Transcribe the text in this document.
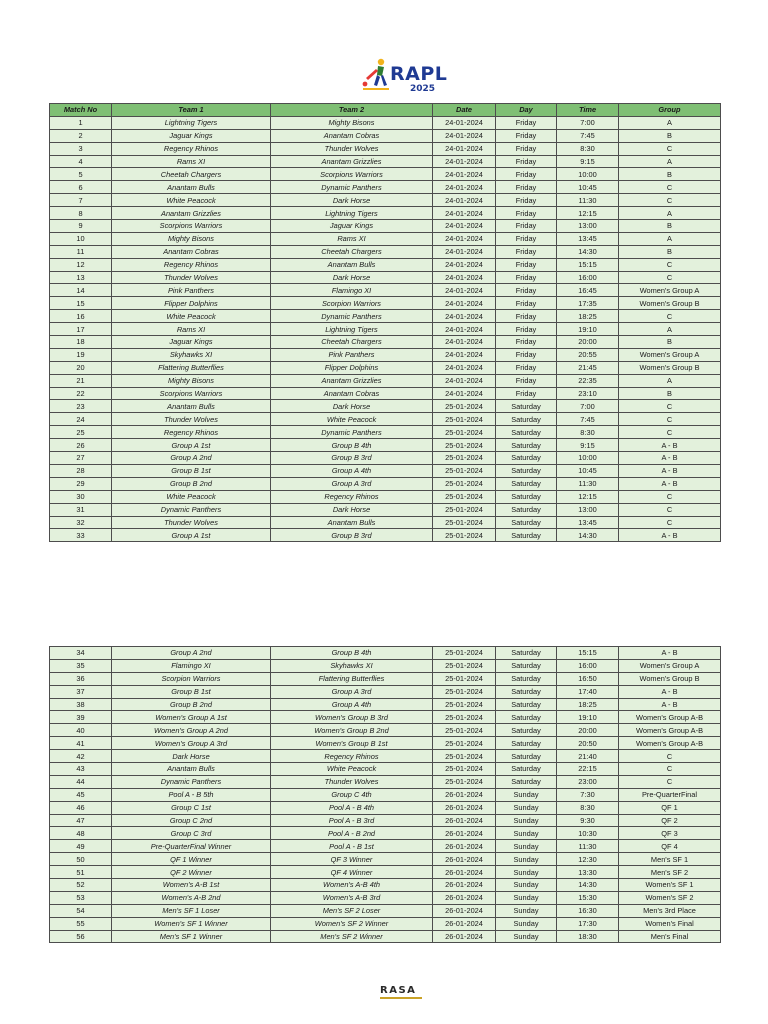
RAPL
2025
Match No	Team 1	Team 2	Date	Day	Time	Group
1	Lightning Tigers	Mighty Bisons	24-01-2024	Friday	7:00	A
2	Jaguar Kings	Anantam Cobras	24-01-2024	Friday	7:45	B
3	Regency Rhinos	Thunder Wolves	24-01-2024	Friday	8:30	C
4	Rams XI	Anantam Grizzlies	24-01-2024	Friday	9:15	A
5	Cheetah Chargers	Scorpions Warriors	24-01-2024	Friday	10:00	B
6	Anantam Bulls	Dynamic Panthers	24-01-2024	Friday	10:45	C
7	White Peacock	Dark Horse	24-01-2024	Friday	11:30	C
8	Anantam Grizzlies	Lightning Tigers	24-01-2024	Friday	12:15	A
9	Scorpions Warriors	Jaguar Kings	24-01-2024	Friday	13:00	B
10	Mighty Bisons	Rams XI	24-01-2024	Friday	13:45	A
11	Anantam Cobras	Cheetah Chargers	24-01-2024	Friday	14:30	B
12	Regency Rhinos	Anantam Bulls	24-01-2024	Friday	15:15	C
13	Thunder Wolves	Dark Horse	24-01-2024	Friday	16:00	C
14	Pink Panthers	Flamingo XI	24-01-2024	Friday	16:45	Women's Group A
15	Flipper Dolphins	Scorpion Warriors	24-01-2024	Friday	17:35	Women's Group B
16	White Peacock	Dynamic Panthers	24-01-2024	Friday	18:25	C
17	Rams XI	Lightning Tigers	24-01-2024	Friday	19:10	A
18	Jaguar Kings	Cheetah Chargers	24-01-2024	Friday	20:00	B
19	Skyhawks XI	Pink Panthers	24-01-2024	Friday	20:55	Women's Group A
20	Flattering Butterflies	Flipper Dolphins	24-01-2024	Friday	21:45	Women's Group B
21	Mighty Bisons	Anantam Grizzlies	24-01-2024	Friday	22:35	A
22	Scorpions Warriors	Anantam Cobras	24-01-2024	Friday	23:10	B
23	Anantam Bulls	Dark Horse	25-01-2024	Saturday	7:00	C
24	Thunder Wolves	White Peacock	25-01-2024	Saturday	7:45	C
25	Regency Rhinos	Dynamic Panthers	25-01-2024	Saturday	8:30	C
26	Group A 1st	Group B 4th	25-01-2024	Saturday	9:15	A - B
27	Group A 2nd	Group B 3rd	25-01-2024	Saturday	10:00	A - B
28	Group B 1st	Group A 4th	25-01-2024	Saturday	10:45	A - B
29	Group B 2nd	Group A 3rd	25-01-2024	Saturday	11:30	A - B
30	White Peacock	Regency Rhinos	25-01-2024	Saturday	12:15	C
31	Dynamic Panthers	Dark Horse	25-01-2024	Saturday	13:00	C
32	Thunder Wolves	Anantam Bulls	25-01-2024	Saturday	13:45	C
33	Group A 1st	Group B 3rd	25-01-2024	Saturday	14:30	A - B
34	Group A 2nd	Group B 4th	25-01-2024	Saturday	15:15	A - B
35	Flamingo XI	Skyhawks XI	25-01-2024	Saturday	16:00	Women's Group A
36	Scorpion Warriors	Flattering Butterflies	25-01-2024	Saturday	16:50	Women's Group B
37	Group B 1st	Group A 3rd	25-01-2024	Saturday	17:40	A - B
38	Group B 2nd	Group A 4th	25-01-2024	Saturday	18:25	A - B
39	Women's Group A 1st	Women's Group B 3rd	25-01-2024	Saturday	19:10	Women's Group A-B
40	Women's Group A 2nd	Women's Group B 2nd	25-01-2024	Saturday	20:00	Women's Group A-B
41	Women's Group A 3rd	Women's Group B 1st	25-01-2024	Saturday	20:50	Women's Group A-B
42	Dark Horse	Regency Rhinos	25-01-2024	Saturday	21:40	C
43	Anantam Bulls	White Peacock	25-01-2024	Saturday	22:15	C
44	Dynamic Panthers	Thunder Wolves	25-01-2024	Saturday	23:00	C
45	Pool A - B 5th	Group C 4th	26-01-2024	Sunday	7:30	Pre-QuarterFinal
46	Group C 1st	Pool A - B 4th	26-01-2024	Sunday	8:30	QF 1
47	Group C 2nd	Pool A - B 3rd	26-01-2024	Sunday	9:30	QF 2
48	Group C 3rd	Pool A - B 2nd	26-01-2024	Sunday	10:30	QF 3
49	Pre-QuarterFinal Winner	Pool A - B 1st	26-01-2024	Sunday	11:30	QF 4
50	QF 1 Winner	QF 3 Winner	26-01-2024	Sunday	12:30	Men's SF 1
51	QF 2 Winner	QF 4 Winner	26-01-2024	Sunday	13:30	Men's SF 2
52	Women's A-B 1st	Women's A-B 4th	26-01-2024	Sunday	14:30	Women's SF 1
53	Women's A-B 2nd	Women's A-B 3rd	26-01-2024	Sunday	15:30	Women's SF 2
54	Men's SF 1 Loser	Men's SF 2 Loser	26-01-2024	Sunday	16:30	Men's 3rd Place
55	Women's SF 1 Winner	Women's SF 2 Winner	26-01-2024	Sunday	17:30	Women's Final
56	Men's SF 1 Winner	Men's SF 2 Winner	26-01-2024	Sunday	18:30	Men's Final
RASA
